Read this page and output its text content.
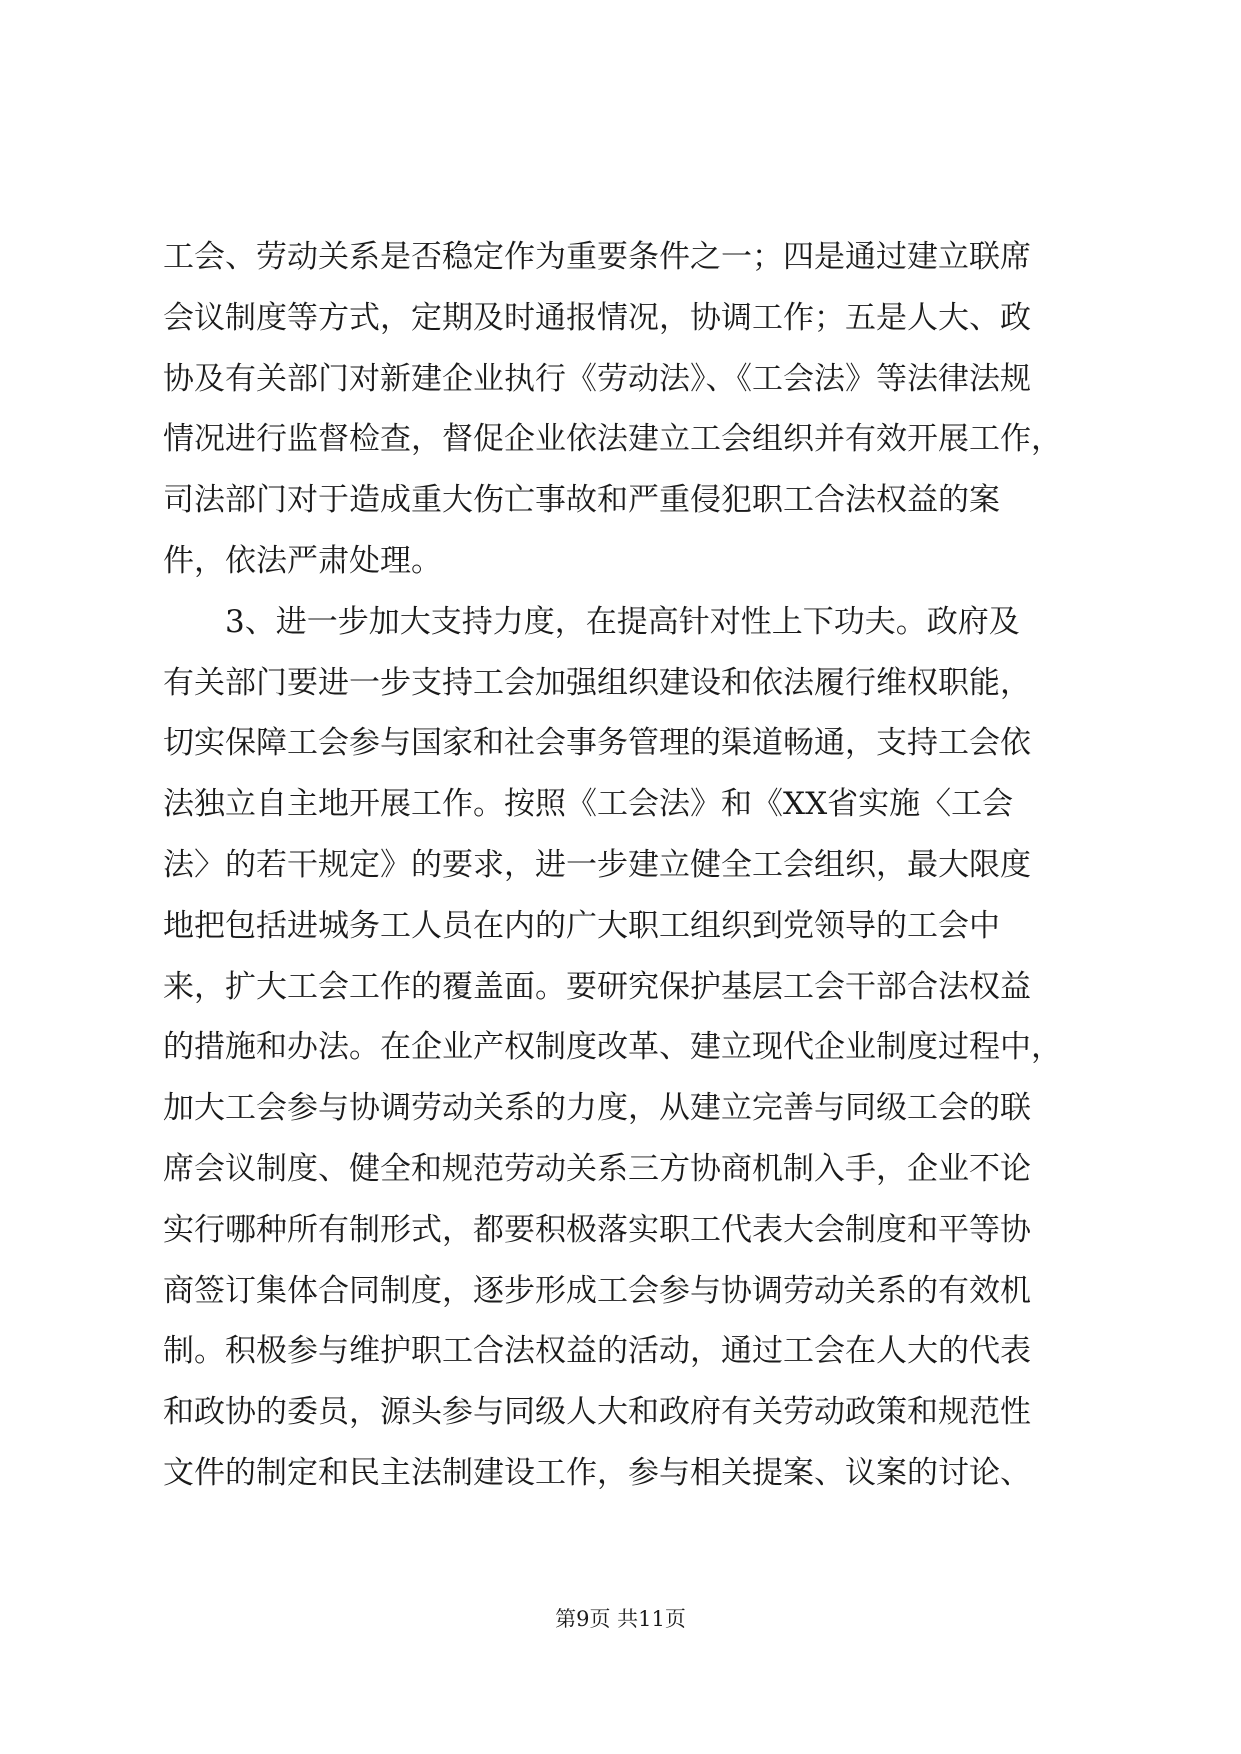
工会、劳动关系是否稳定作为重要条件之一；四是通过建立联席
会议制度等方式，定期及时通报情况，协调工作；五是人大、政
协及有关部门对新建企业执行《劳动法》、《工会法》等法律法规
情况进行监督检查，督促企业依法建立工会组织并有效开展工作，
司法部门对于造成重大伤亡事故和严重侵犯职工合法权益的案
件，依法严肃处理。
3、进一步加大支持力度，在提高针对性上下功夫。政府及
有关部门要进一步支持工会加强组织建设和依法履行维权职能，
切实保障工会参与国家和社会事务管理的渠道畅通，支持工会依
法独立自主地开展工作。按照《工会法》和《XX省实施〈工会
法〉的若干规定》的要求，进一步建立健全工会组织，最大限度
地把包括进城务工人员在内的广大职工组织到党领导的工会中
来，扩大工会工作的覆盖面。要研究保护基层工会干部合法权益
的措施和办法。在企业产权制度改革、建立现代企业制度过程中，
加大工会参与协调劳动关系的力度，从建立完善与同级工会的联
席会议制度、健全和规范劳动关系三方协商机制入手，企业不论
实行哪种所有制形式，都要积极落实职工代表大会制度和平等协
商签订集体合同制度，逐步形成工会参与协调劳动关系的有效机
制。积极参与维护职工合法权益的活动，通过工会在人大的代表
和政协的委员，源头参与同级人大和政府有关劳动政策和规范性
文件的制定和民主法制建设工作，参与相关提案、议案的讨论、
第9页 共11页
